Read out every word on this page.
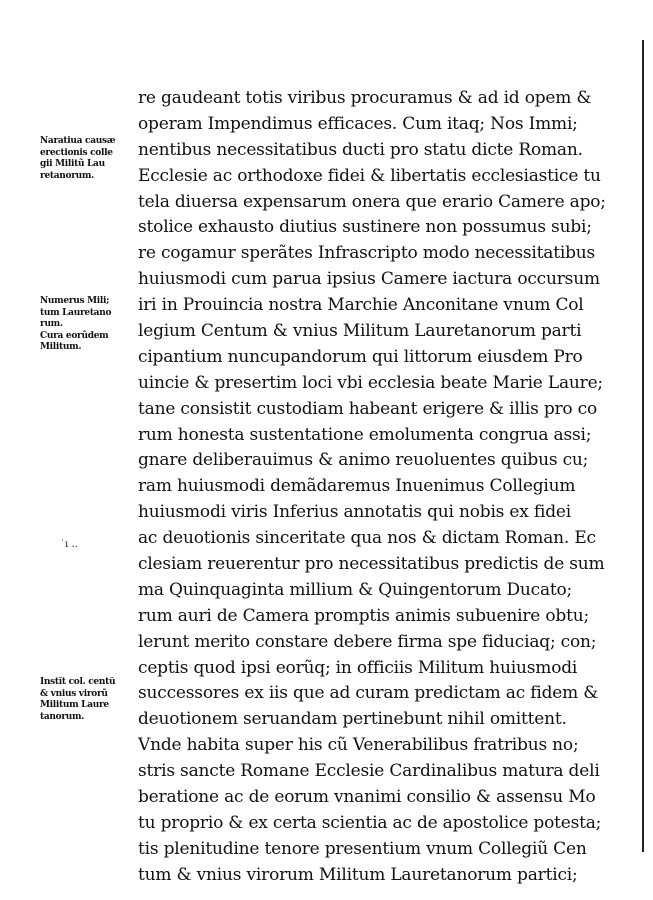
Naratiua causæ
erectionis colle
gii Militũ Lau
retanorum.
Numerus Mili;
tum Lauretano
rum.
Cura eorũdem
Militum.
Instĩt col. centũ
& vnius virorũ
Militum Laure
tanorum.
˙ı ‥
re gaudeant totis viribus procuramus & ad id opem &
operam Impendimus efficaces. Cum itaq; Nos Immi;
nentibus necessitatibus ducti pro statu dicte Roman.
Ecclesie ac orthodoxe fidei & libertatis ecclesiastice tu
tela diuersa expensarum onera que erario Camere apo;
stolice exhausto diutius sustinere non possumus subi;
re cogamur sperãtes Infrascripto modo necessitatibus
huiusmodi cum parua ipsius Camere iactura occursum
iri in Prouincia nostra Marchie Anconitane vnum Col
legium Centum & vnius Militum Lauretanorum parti
cipantium nuncupandorum qui littorum eiusdem Pro
uincie & presertim loci vbi ecclesia beate Marie Laure;
tane consistit custodiam habeant erigere & illis pro co
rum honesta sustentatione emolumenta congrua assi;
gnare deliberauimus & animo reuoluentes quibus cu;
ram huiusmodi demãdaremus Inuenimus Collegium
huiusmodi viris Inferius annotatis qui nobis ex fidei
ac deuotionis sinceritate qua nos & dictam Roman. Ec
clesiam reuerentur pro necessitatibus predictis de sum
ma Quinquaginta millium & Quingentorum Ducato;
rum auri de Camera promptis animis subuenire obtu;
lerunt merito constare debere firma spe fiduciaq; con;
ceptis quod ipsi eorũq; in officiis Militum huiusmodi
successores ex iis que ad curam predictam ac fidem &
deuotionem seruandam pertinebunt nihil omittent.
Vnde habita super his cũ Venerabilibus fratribus no;
stris sancte Romane Ecclesie Cardinalibus matura deli
beratione ac de eorum vnanimi consilio & assensu Mo
tu proprio & ex certa scientia ac de apostolice potesta;
tis plenitudine tenore presentium vnum Collegiũ Cen
tum & vnius virorum Militum Lauretanorum partici;
